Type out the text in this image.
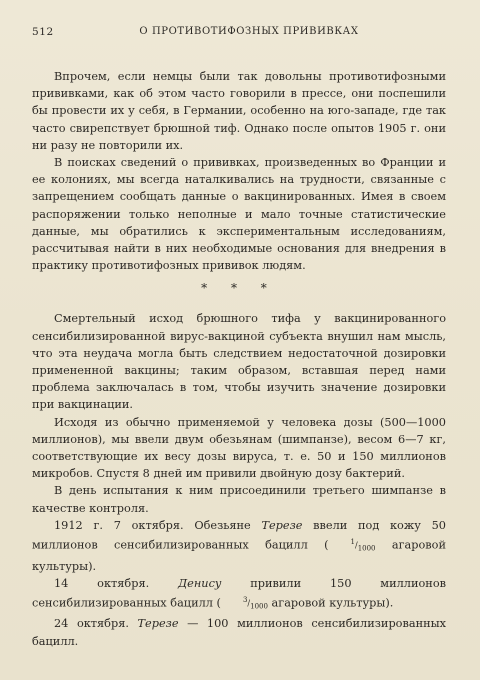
512	О ПРОТИВОТИФОЗНЫХ ПРИВИВКАХ

Впрочем, если немцы были так довольны противотифозными прививками, как об этом часто говорили в прессе, они поспешили бы провести их у себя, в Германии, особенно на юго-западе, где так часто свирепствует брюшной тиф. Однако после опытов 1905 г. они ни разу не повторили их.

В поисках сведений о прививках, произведенных во Франции и ее колониях, мы всегда наталкивались на трудности, связанные с запрещением сообщать данные о вакцинированных. Имея в своем распоряжении только неполные и мало точные статистические данные, мы обратились к экспериментальным исследованиям, рассчитывая найти в них необходимые основания для внедрения в практику противотифозных прививок людям.

* * *

Смертельный исход брюшного тифа у вакцинированного сенсибилизированной вирус-вакциной субъекта внушил нам мысль, что эта неудача могла быть следствием недостаточной дозировки примененной вакцины; таким образом, вставшая перед нами проблема заключалась в том, чтобы изучить значение дозировки при вакцинации.

Исходя из обычно применяемой у человека дозы (500—1000 миллионов), мы ввели двум обезьянам (шимпанзе), весом 6—7 кг, соответствующие их весу дозы вируса, т. е. 50 и 150 миллионов микробов. Спустя 8 дней им привили двойную дозу бактерий.

В день испытания к ним присоединили третьего шимпанзе в качестве контроля.

1912 г. 7 октября. Обезьяне Терезе ввели под кожу 50 миллионов сенсибилизированных бацилл (	$^1/_{1000}$ агаровой культуры).

14 октября. Денису привили 150 миллионов сенсибилизированных бацилл (	$^3/_{1000}$ агаровой культуры).

24 октября. Терезе — 100 миллионов сенсибилизированных бацилл.
